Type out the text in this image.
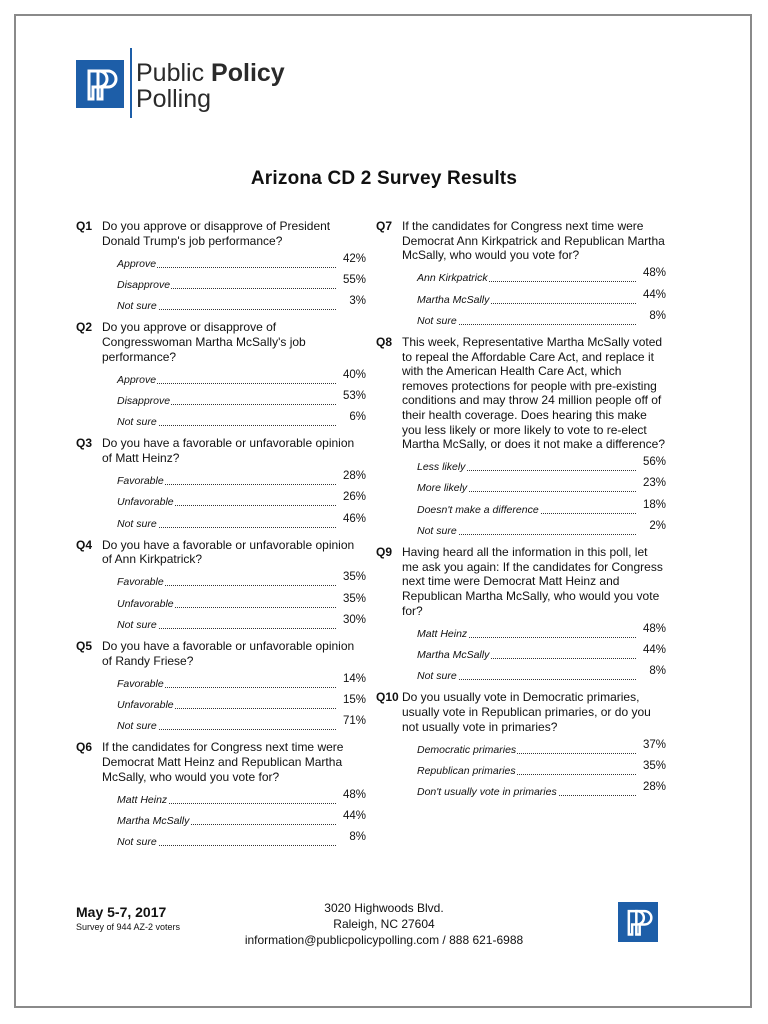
Public Policy
Polling
Arizona CD 2 Survey Results
Q1 Do you approve or disapprove of President Donald Trump's job performance?
Approve	42%
Disapprove	55%
Not sure	3%
Q2 Do you approve or disapprove of Congresswoman Martha McSally's job performance?
Approve	40%
Disapprove	53%
Not sure	6%
Q3 Do you have a favorable or unfavorable opinion of Matt Heinz?
Favorable	28%
Unfavorable	26%
Not sure	46%
Q4 Do you have a favorable or unfavorable opinion of Ann Kirkpatrick?
Favorable	35%
Unfavorable	35%
Not sure	30%
Q5 Do you have a favorable or unfavorable opinion of Randy Friese?
Favorable	14%
Unfavorable	15%
Not sure	71%
Q6 If the candidates for Congress next time were Democrat Matt Heinz and Republican Martha McSally, who would you vote for?
Matt Heinz	48%
Martha McSally	44%
Not sure	8%
Q7 If the candidates for Congress next time were Democrat Ann Kirkpatrick and Republican Martha McSally, who would you vote for?
Ann Kirkpatrick	48%
Martha McSally	44%
Not sure	8%
Q8 This week, Representative Martha McSally voted to repeal the Affordable Care Act, and replace it with the American Health Care Act, which removes protections for people with pre-existing conditions and may throw 24 million people off of their health coverage. Does hearing this make you less likely or more likely to vote to re-elect Martha McSally, or does it not make a difference?
Less likely	56%
More likely	23%
Doesn't make a difference	18%
Not sure	2%
Q9 Having heard all the information in this poll, let me ask you again: If the candidates for Congress next time were Democrat Matt Heinz and Republican Martha McSally, who would you vote for?
Matt Heinz	48%
Martha McSally	44%
Not sure	8%
Q10 Do you usually vote in Democratic primaries, usually vote in Republican primaries, or do you not usually vote in primaries?
Democratic primaries	37%
Republican primaries	35%
Don't usually vote in primaries	28%
May 5-7, 2017
Survey of 944 AZ-2 voters
3020 Highwoods Blvd.
Raleigh, NC 27604
information@publicpolicypolling.com / 888 621-6988
